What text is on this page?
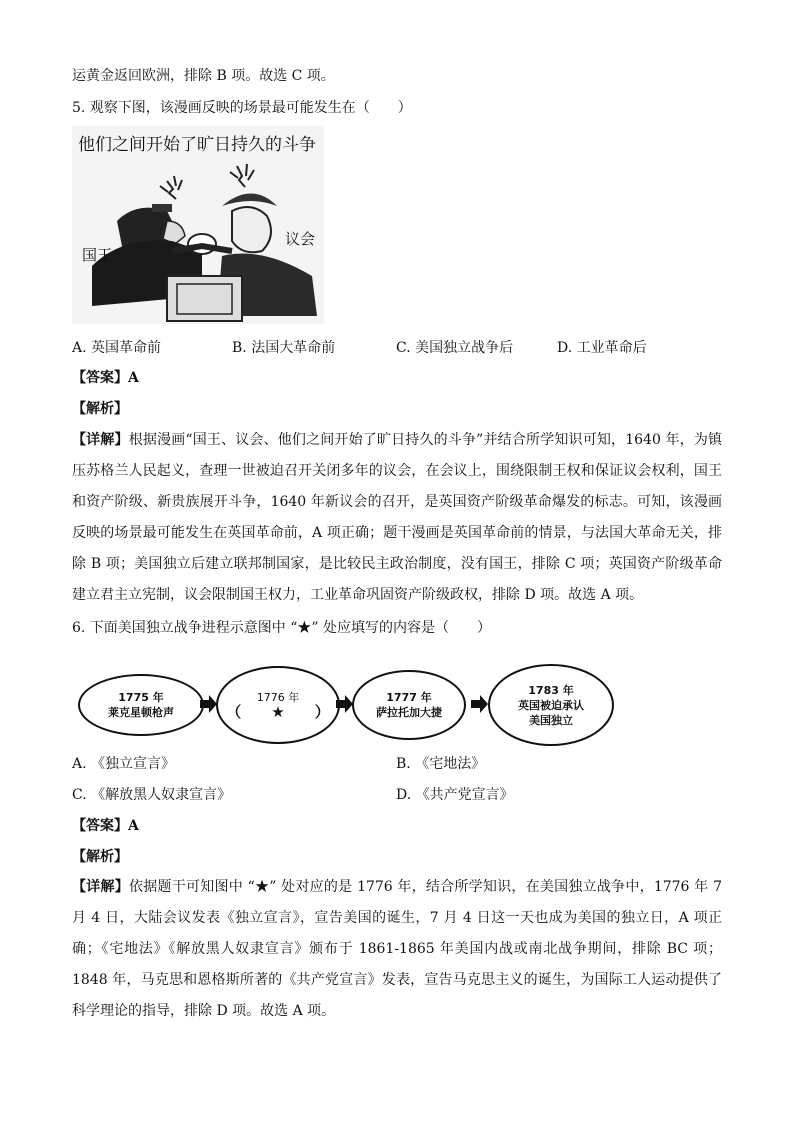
运黄金返回欧洲，排除 B 项。故选 C 项。
5. 观察下图，该漫画反映的场景最可能发生在（　　）
他们之间开始了旷日持久的斗争
国王
议会
A. 英国革命前	B. 法国大革命前	C. 美国独立战争后	D. 工业革命后
【答案】A
【解析】
【详解】根据漫画“国王、议会、他们之间开始了旷日持久的斗争”并结合所学知识可知，1640 年，为镇压苏格兰人民起义，查理一世被迫召开关闭多年的议会，在会议上，围绕限制王权和保证议会权利，国王和资产阶级、新贵族展开斗争，1640 年新议会的召开，是英国资产阶级革命爆发的标志。可知，该漫画反映的场景最可能发生在英国革命前，A 项正确；题干漫画是英国革命前的情景，与法国大革命无关，排除 B 项；美国独立后建立联邦制国家，是比较民主政治制度，没有国王，排除 C 项；英国资产阶级革命建立君主立宪制，议会限制国王权力，工业革命巩固资产阶级政权，排除 D 项。故选 A 项。
6. 下面美国独立战争进程示意图中 “★” 处应填写的内容是（　　）
1775 年
莱克星顿枪声
1776 年
（　　★　　）
1777 年
萨拉托加大捷
1783 年
英国被迫承认
美国独立
A. 《独立宣言》	B. 《宅地法》
C. 《解放黑人奴隶宣言》	D. 《共产党宣言》
【答案】A
【解析】
【详解】依据题干可知图中 “★” 处对应的是 1776 年，结合所学知识，在美国独立战争中，1776 年 7 月 4 日，大陆会议发表《独立宣言》，宣告美国的诞生，7 月 4 日这一天也成为美国的独立日，A 项正确；《宅地法》《解放黑人奴隶宣言》颁布于 1861-1865 年美国内战或南北战争期间，排除 BC 项；1848 年，马克思和恩格斯所著的《共产党宣言》发表，宣告马克思主义的诞生，为国际工人运动提供了科学理论的指导，排除 D 项。故选 A 项。
